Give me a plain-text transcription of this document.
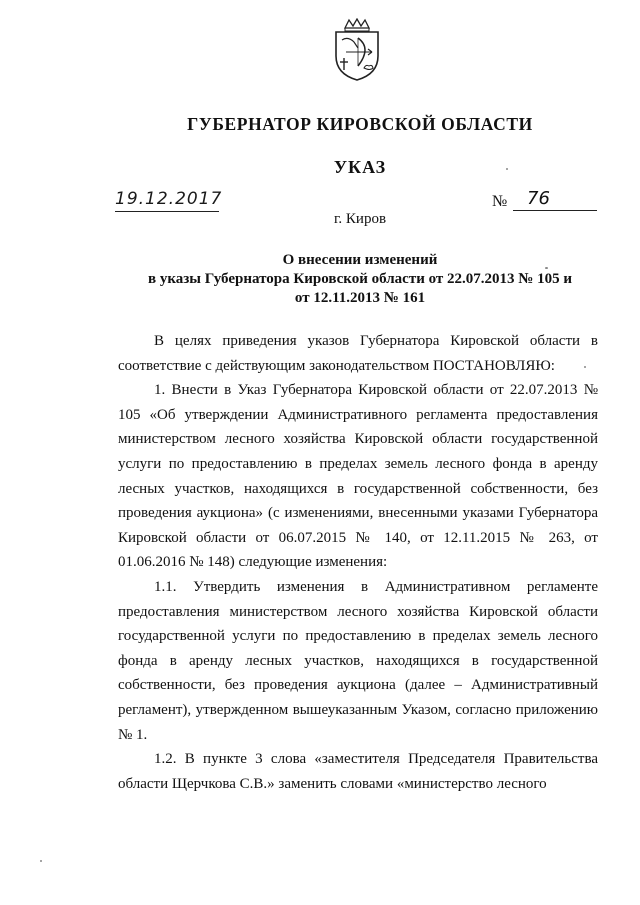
ГУБЕРНАТОР КИРОВСКОЙ ОБЛАСТИ
УКАЗ
19.12.2017	№	76
г. Киров
О внесении изменений
в указы Губернатора Кировской области от 22.07.2013 № 105 и
от 12.11.2013 № 161

В целях приведения указов Губернатора Кировской области в соответствие с действующим законодательством ПОСТАНОВЛЯЮ:

1. Внести в Указ Губернатора Кировской области от 22.07.2013 № 105 «Об утверждении Административного регламента предоставления министерством лесного хозяйства Кировской области государственной услуги по предоставлению в пределах земель лесного фонда в аренду лесных участков, находящихся в государственной собственности, без проведения аукциона» (с изменениями, внесенными указами Губернатора Кировской области от 06.07.2015 № 140, от 12.11.2015 № 263, от 01.06.2016 № 148) следующие изменения:

1.1. Утвердить изменения в Административном регламенте предоставления министерством лесного хозяйства Кировской области государственной услуги по предоставлению в пределах земель лесного фонда в аренду лесных участков, находящихся в государственной собственности, без проведения аукциона (далее – Административный регламент), утвержденном вышеуказанным Указом, согласно приложению № 1.

1.2. В пункте 3 слова «заместителя Председателя Правительства области Щерчкова С.В.» заменить словами «министерство лесного
